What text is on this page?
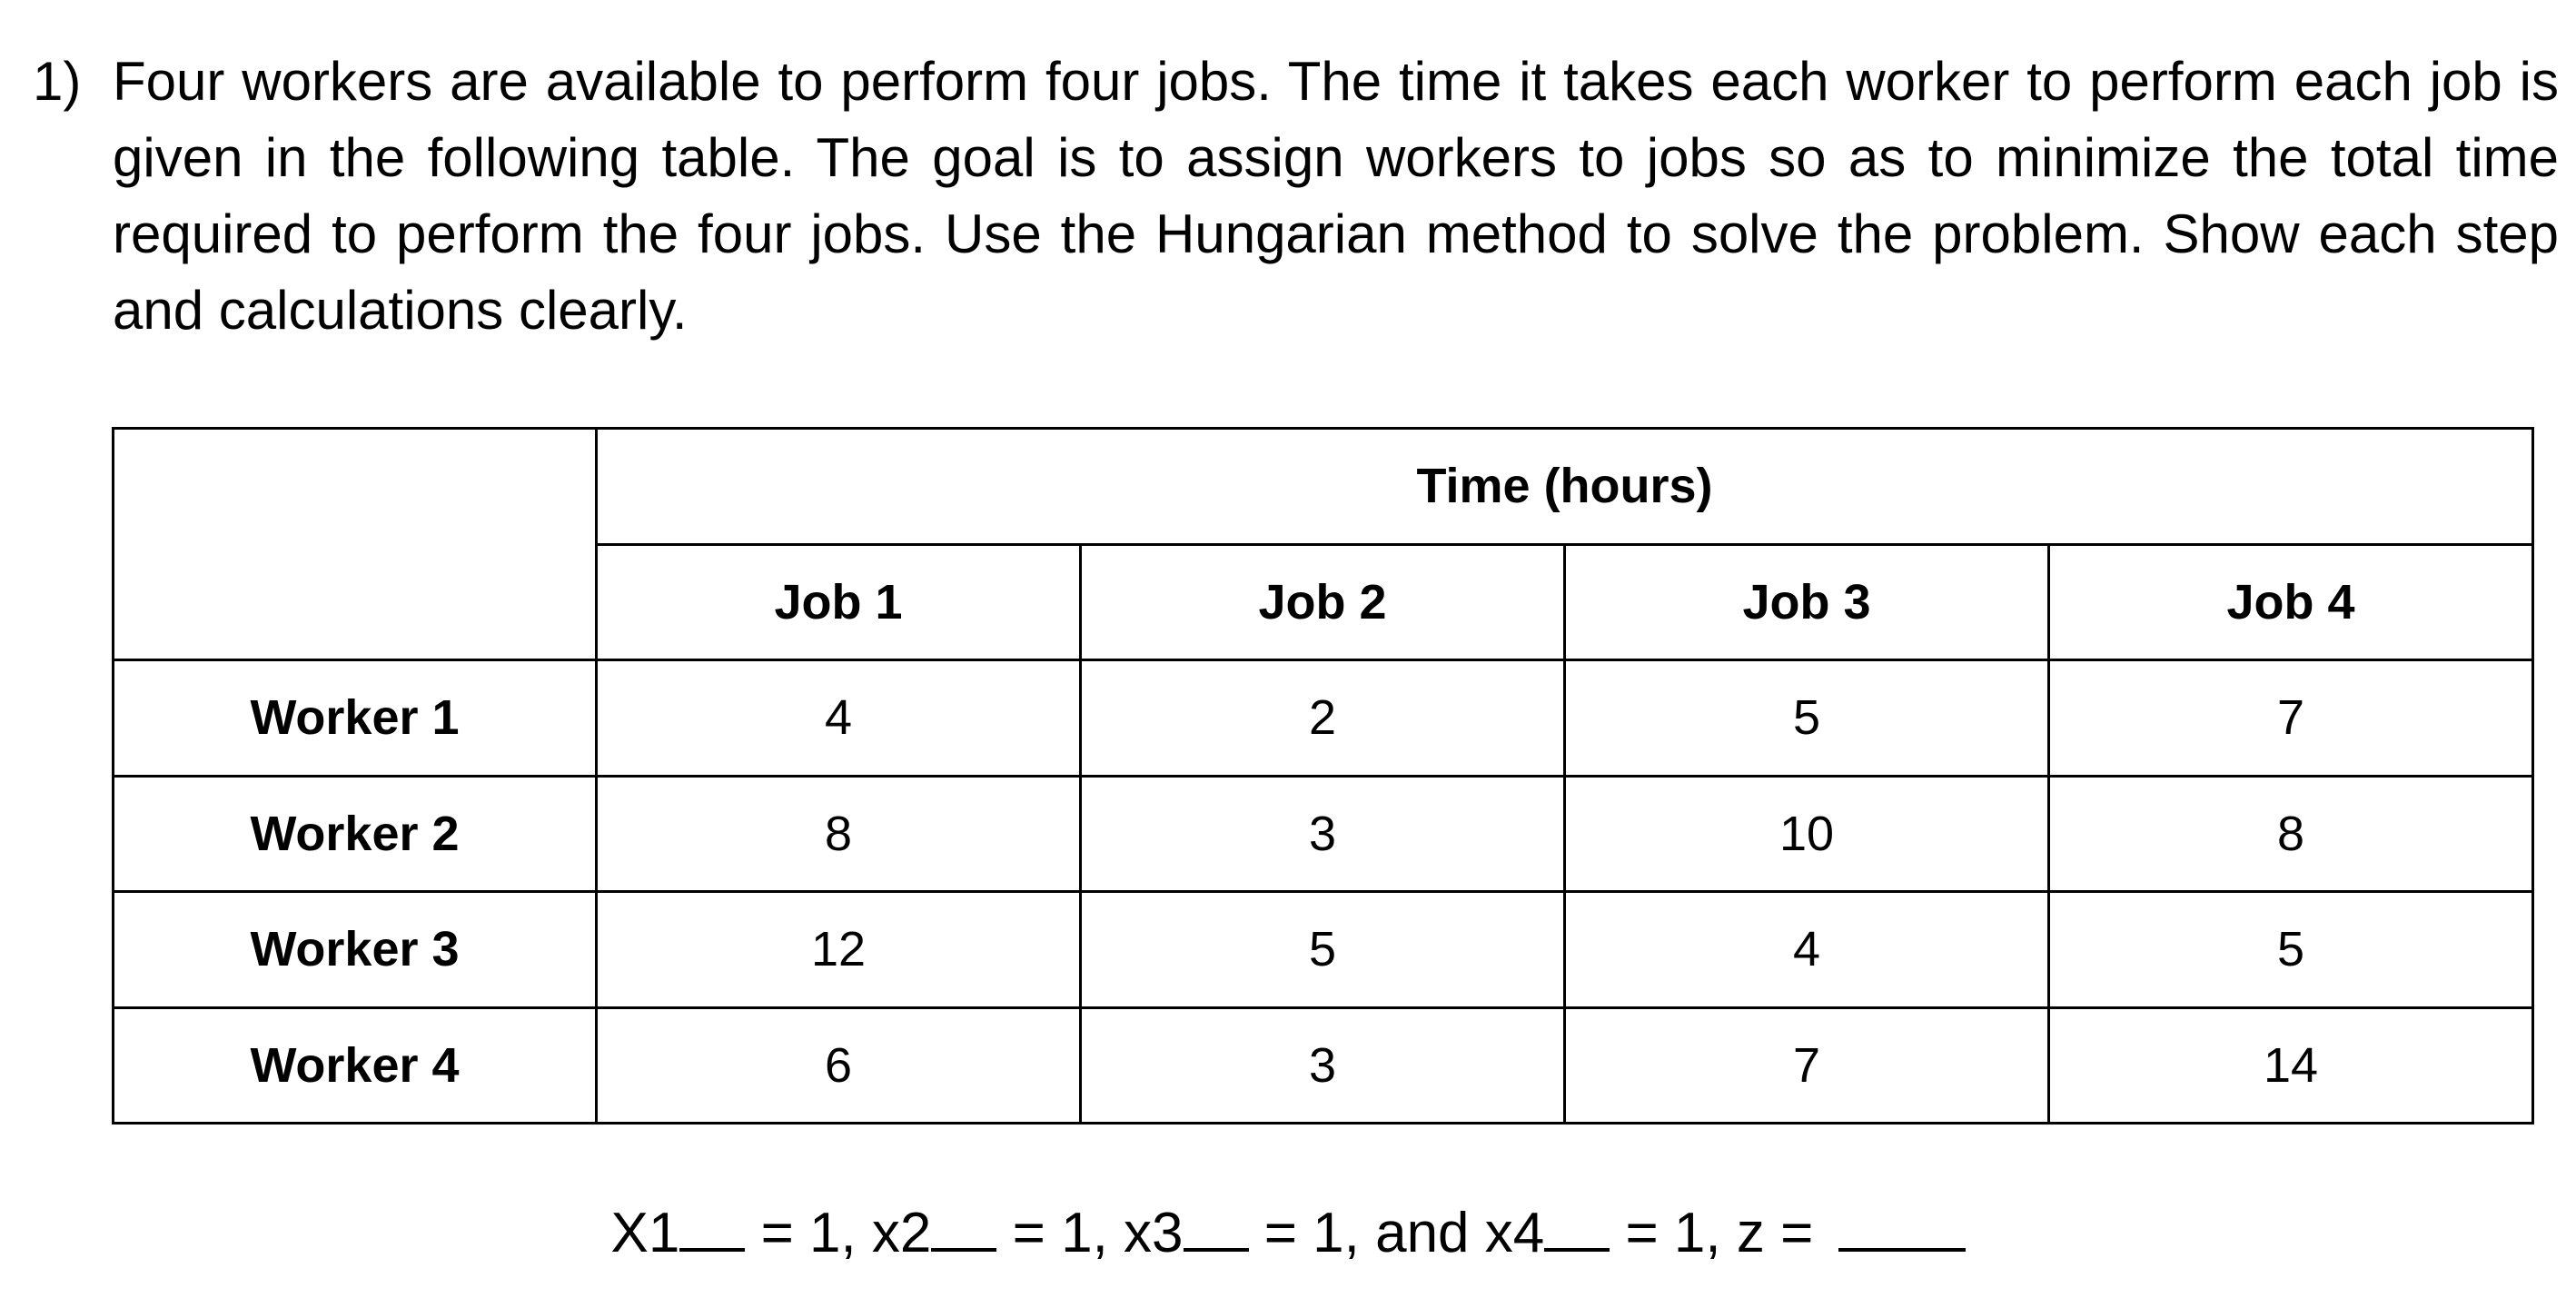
1) Four workers are available to perform four jobs. The time it takes each worker to perform each job is given in the following table. The goal is to assign workers to jobs so as to minimize the total time required to perform the four jobs. Use the Hungarian method to solve the problem. Show each step and calculations clearly.
	Time (hours)			
	Job 1	Job 2	Job 3	Job 4
Worker 1	4	2	5	7
Worker 2	8	3	10	8
Worker 3	12	5	4	5
Worker 4	6	3	7	14
X1 = 1, x2 = 1, x3 = 1, and x4 = 1, z =
